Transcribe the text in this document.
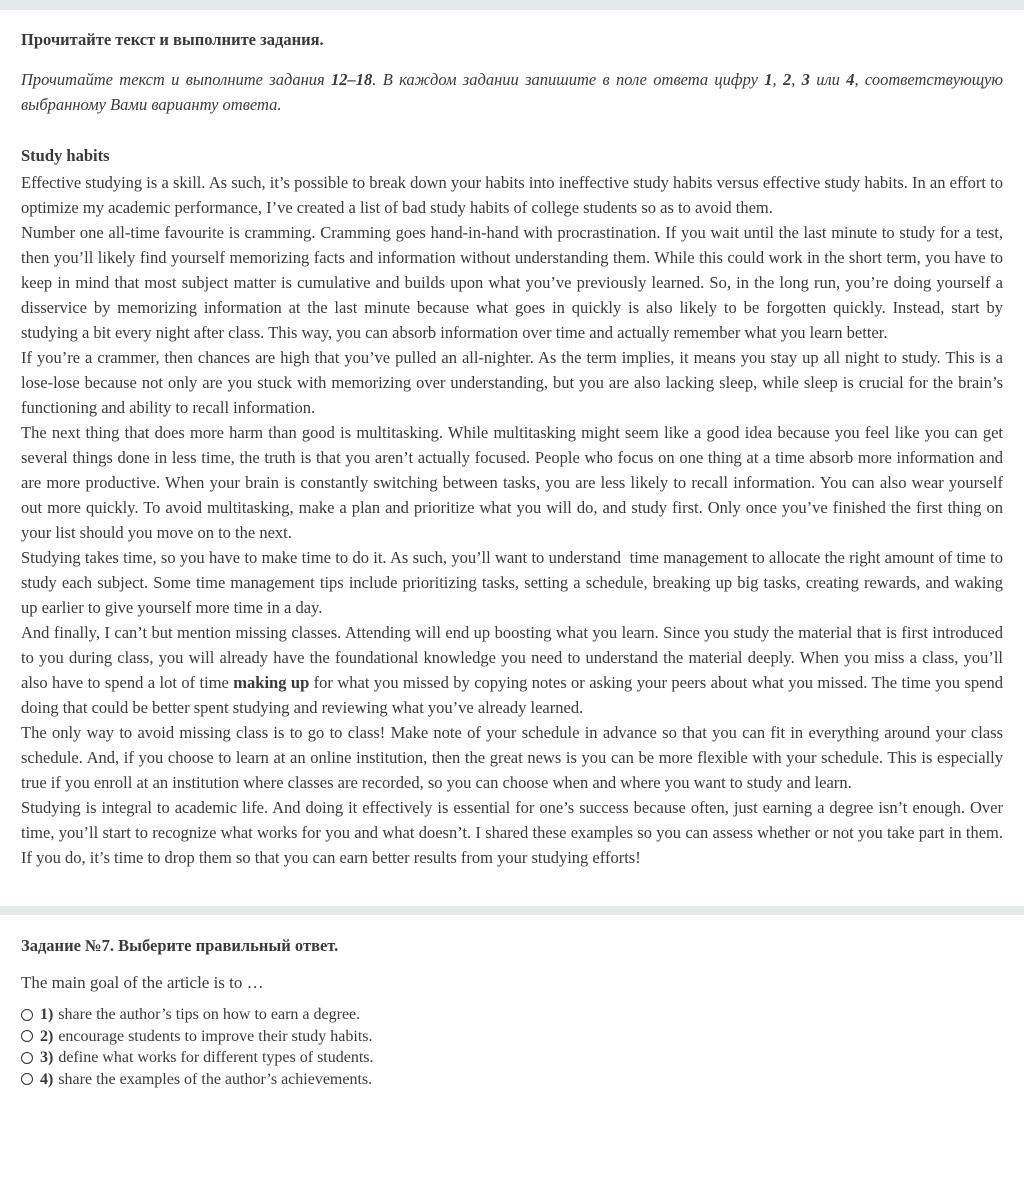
Прочитайте текст и выполните задания.

Прочитайте текст и выполните задания 12–18. В каждом задании запишите в поле ответа цифру 1, 2, 3 или 4, соответствующую выбранному Вами варианту ответа.

Study habits

Effective studying is a skill. As such, it’s possible to break down your habits into ineffective study habits versus effective study habits. In an effort to optimize my academic performance, I’ve created a list of bad study habits of college students so as to avoid them.

Number one all-time favourite is cramming. Cramming goes hand-in-hand with procrastination. If you wait until the last minute to study for a test, then you’ll likely find yourself memorizing facts and information without understanding them. While this could work in the short term, you have to keep in mind that most subject matter is cumulative and builds upon what you’ve previously learned. So, in the long run, you’re doing yourself a disservice by memorizing information at the last minute because what goes in quickly is also likely to be forgotten quickly. Instead, start by studying a bit every night after class. This way, you can absorb information over time and actually remember what you learn better.

If you’re a crammer, then chances are high that you’ve pulled an all-nighter. As the term implies, it means you stay up all night to study. This is a lose-lose because not only are you stuck with memorizing over understanding, but you are also lacking sleep, while sleep is crucial for the brain’s functioning and ability to recall information.

The next thing that does more harm than good is multitasking. While multitasking might seem like a good idea because you feel like you can get several things done in less time, the truth is that you aren’t actually focused. People who focus on one thing at a time absorb more information and are more productive. When your brain is constantly switching between tasks, you are less likely to recall information. You can also wear yourself out more quickly. To avoid multitasking, make a plan and prioritize what you will do, and study first. Only once you’ve finished the first thing on your list should you move on to the next.

Studying takes time, so you have to make time to do it. As such, you’ll want to understand  time management to allocate the right amount of time to study each subject. Some time management tips include prioritizing tasks, setting a schedule, breaking up big tasks, creating rewards, and waking up earlier to give yourself more time in a day.

And finally, I can’t but mention missing classes. Attending will end up boosting what you learn. Since you study the material that is first introduced to you during class, you will already have the foundational knowledge you need to understand the material deeply. When you miss a class, you’ll also have to spend a lot of time making up for what you missed by copying notes or asking your peers about what you missed. The time you spend doing that could be better spent studying and reviewing what you’ve already learned.

The only way to avoid missing class is to go to class! Make note of your schedule in advance so that you can fit in everything around your class schedule. And, if you choose to learn at an online institution, then the great news is you can be more flexible with your schedule. This is especially true if you enroll at an institution where classes are recorded, so you can choose when and where you want to study and learn.

Studying is integral to academic life. And doing it effectively is essential for one’s success because often, just earning a degree isn’t enough. Over time, you’ll start to recognize what works for you and what doesn’t. I shared these examples so you can assess whether or not you take part in them. If you do, it’s time to drop them so that you can earn better results from your studying efforts!

Задание №7. Выберите правильный ответ.

The main goal of the article is to …

1) share the author’s tips on how to earn a degree.
2) encourage students to improve their study habits.
3) define what works for different types of students.
4) share the examples of the author’s achievements.
